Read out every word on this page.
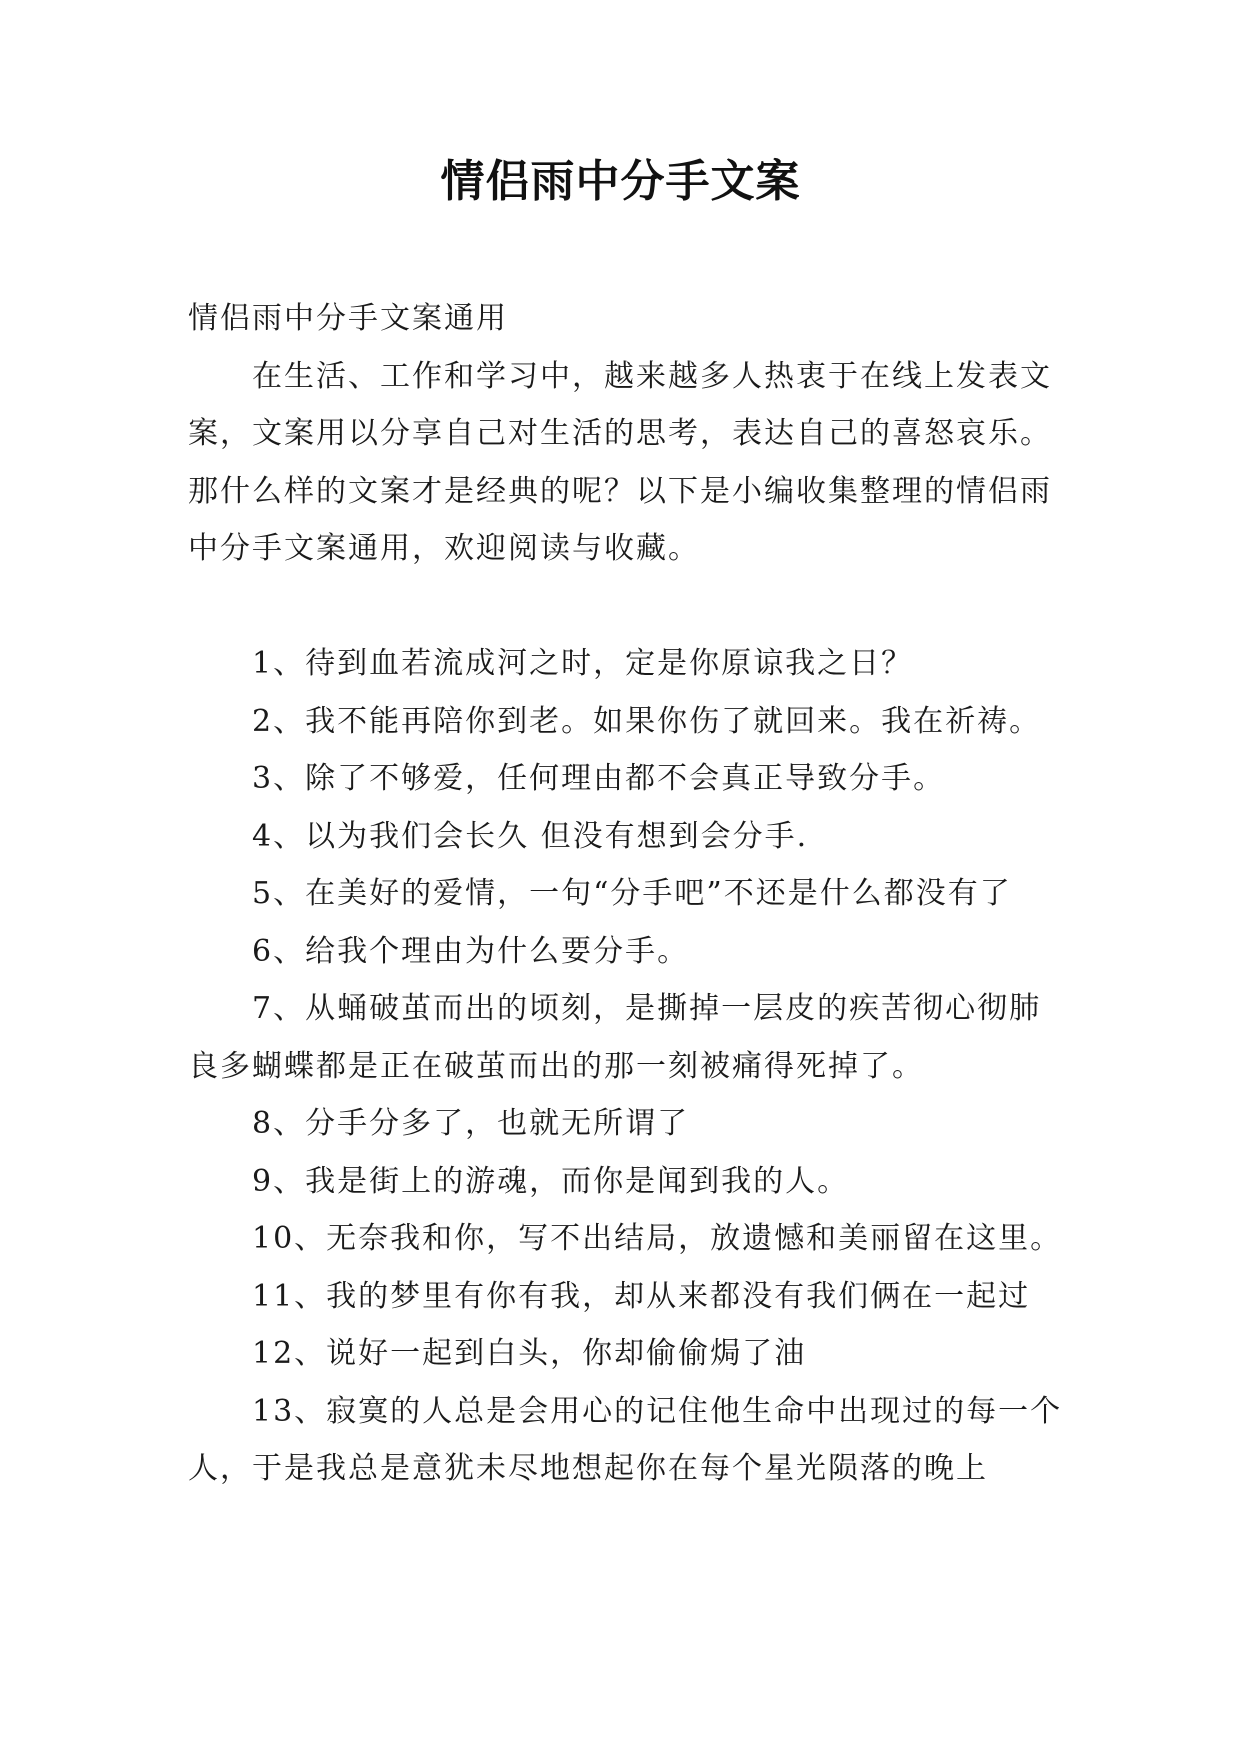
情侣雨中分手文案

情侣雨中分手文案通用

在生活、工作和学习中，越来越多人热衷于在线上发表文案，文案用以分享自己对生活的思考，表达自己的喜怒哀乐。那什么样的文案才是经典的呢？以下是小编收集整理的情侣雨中分手文案通用，欢迎阅读与收藏。

1、待到血若流成河之时，定是你原谅我之日？

2、我不能再陪你到老。如果你伤了就回来。我在祈祷。

3、除了不够爱，任何理由都不会真正导致分手。

4、以为我们会长久 但没有想到会分手.

5、在美好的爱情，一句“分手吧”不还是什么都没有了

6、给我个理由为什么要分手。

7、从蛹破茧而出的顷刻，是撕掉一层皮的疾苦彻心彻肺良多蝴蝶都是正在破茧而出的那一刻被痛得死掉了。

8、分手分多了，也就无所谓了

9、我是街上的游魂，而你是闻到我的人。

10、无奈我和你，写不出结局，放遗憾和美丽留在这里。

11、我的梦里有你有我，却从来都没有我们俩在一起过

12、说好一起到白头，你却偷偷焗了油

13、寂寞的人总是会用心的记住他生命中出现过的每一个人，于是我总是意犹未尽地想起你在每个星光陨落的晚上
